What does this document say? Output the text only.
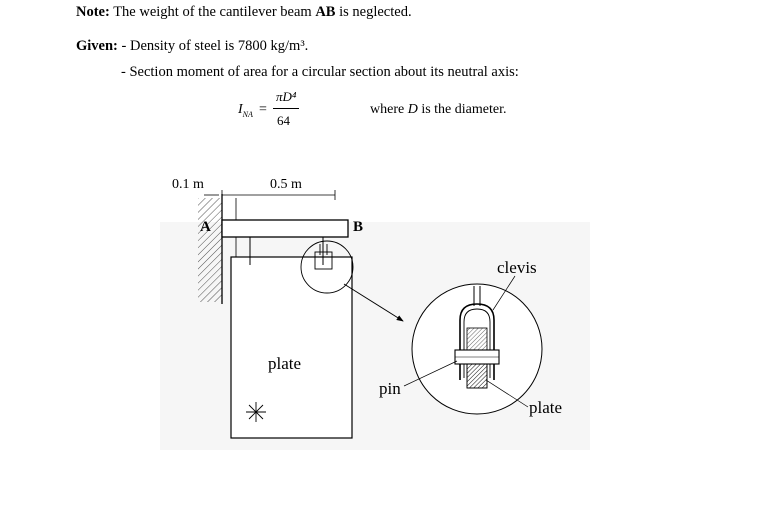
Note: The weight of the cantilever beam AB is neglected.
Given: - Density of steel is 7800 kg/m³.
- Section moment of area for a circular section about its neutral axis:
$I_{NA}$ =
πD⁴
64
where D is the diameter.
0.1 m	0.5 m
A	B
plate
clevis
pin
plate
